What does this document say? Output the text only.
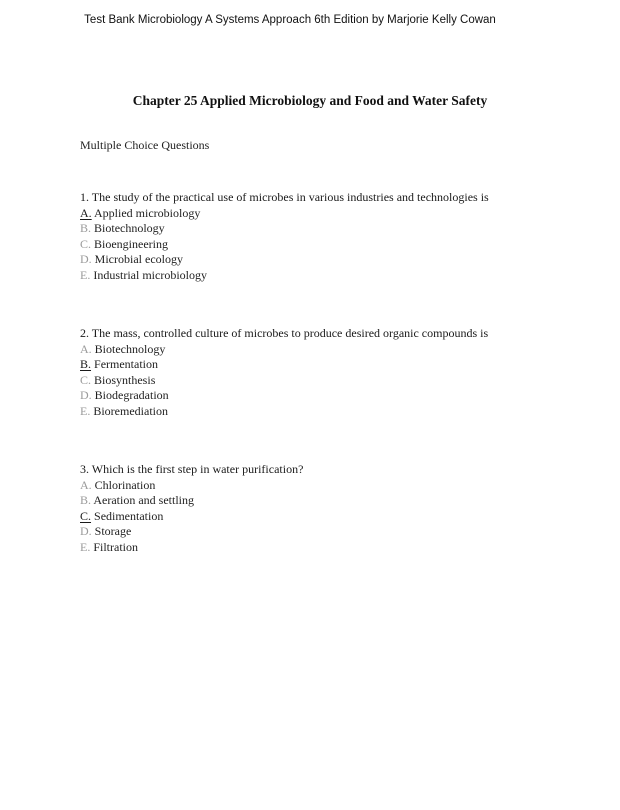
Test Bank Microbiology A Systems Approach 6th Edition by Marjorie Kelly Cowan
Chapter 25 Applied Microbiology and Food and Water Safety
Multiple Choice Questions
1. The study of the practical use of microbes in various industries and technologies is
A. Applied microbiology
B. Biotechnology
C. Bioengineering
D. Microbial ecology
E. Industrial microbiology
2. The mass, controlled culture of microbes to produce desired organic compounds is
A. Biotechnology
B. Fermentation
C. Biosynthesis
D. Biodegradation
E. Bioremediation
3. Which is the first step in water purification?
A. Chlorination
B. Aeration and settling
C. Sedimentation
D. Storage
E. Filtration
